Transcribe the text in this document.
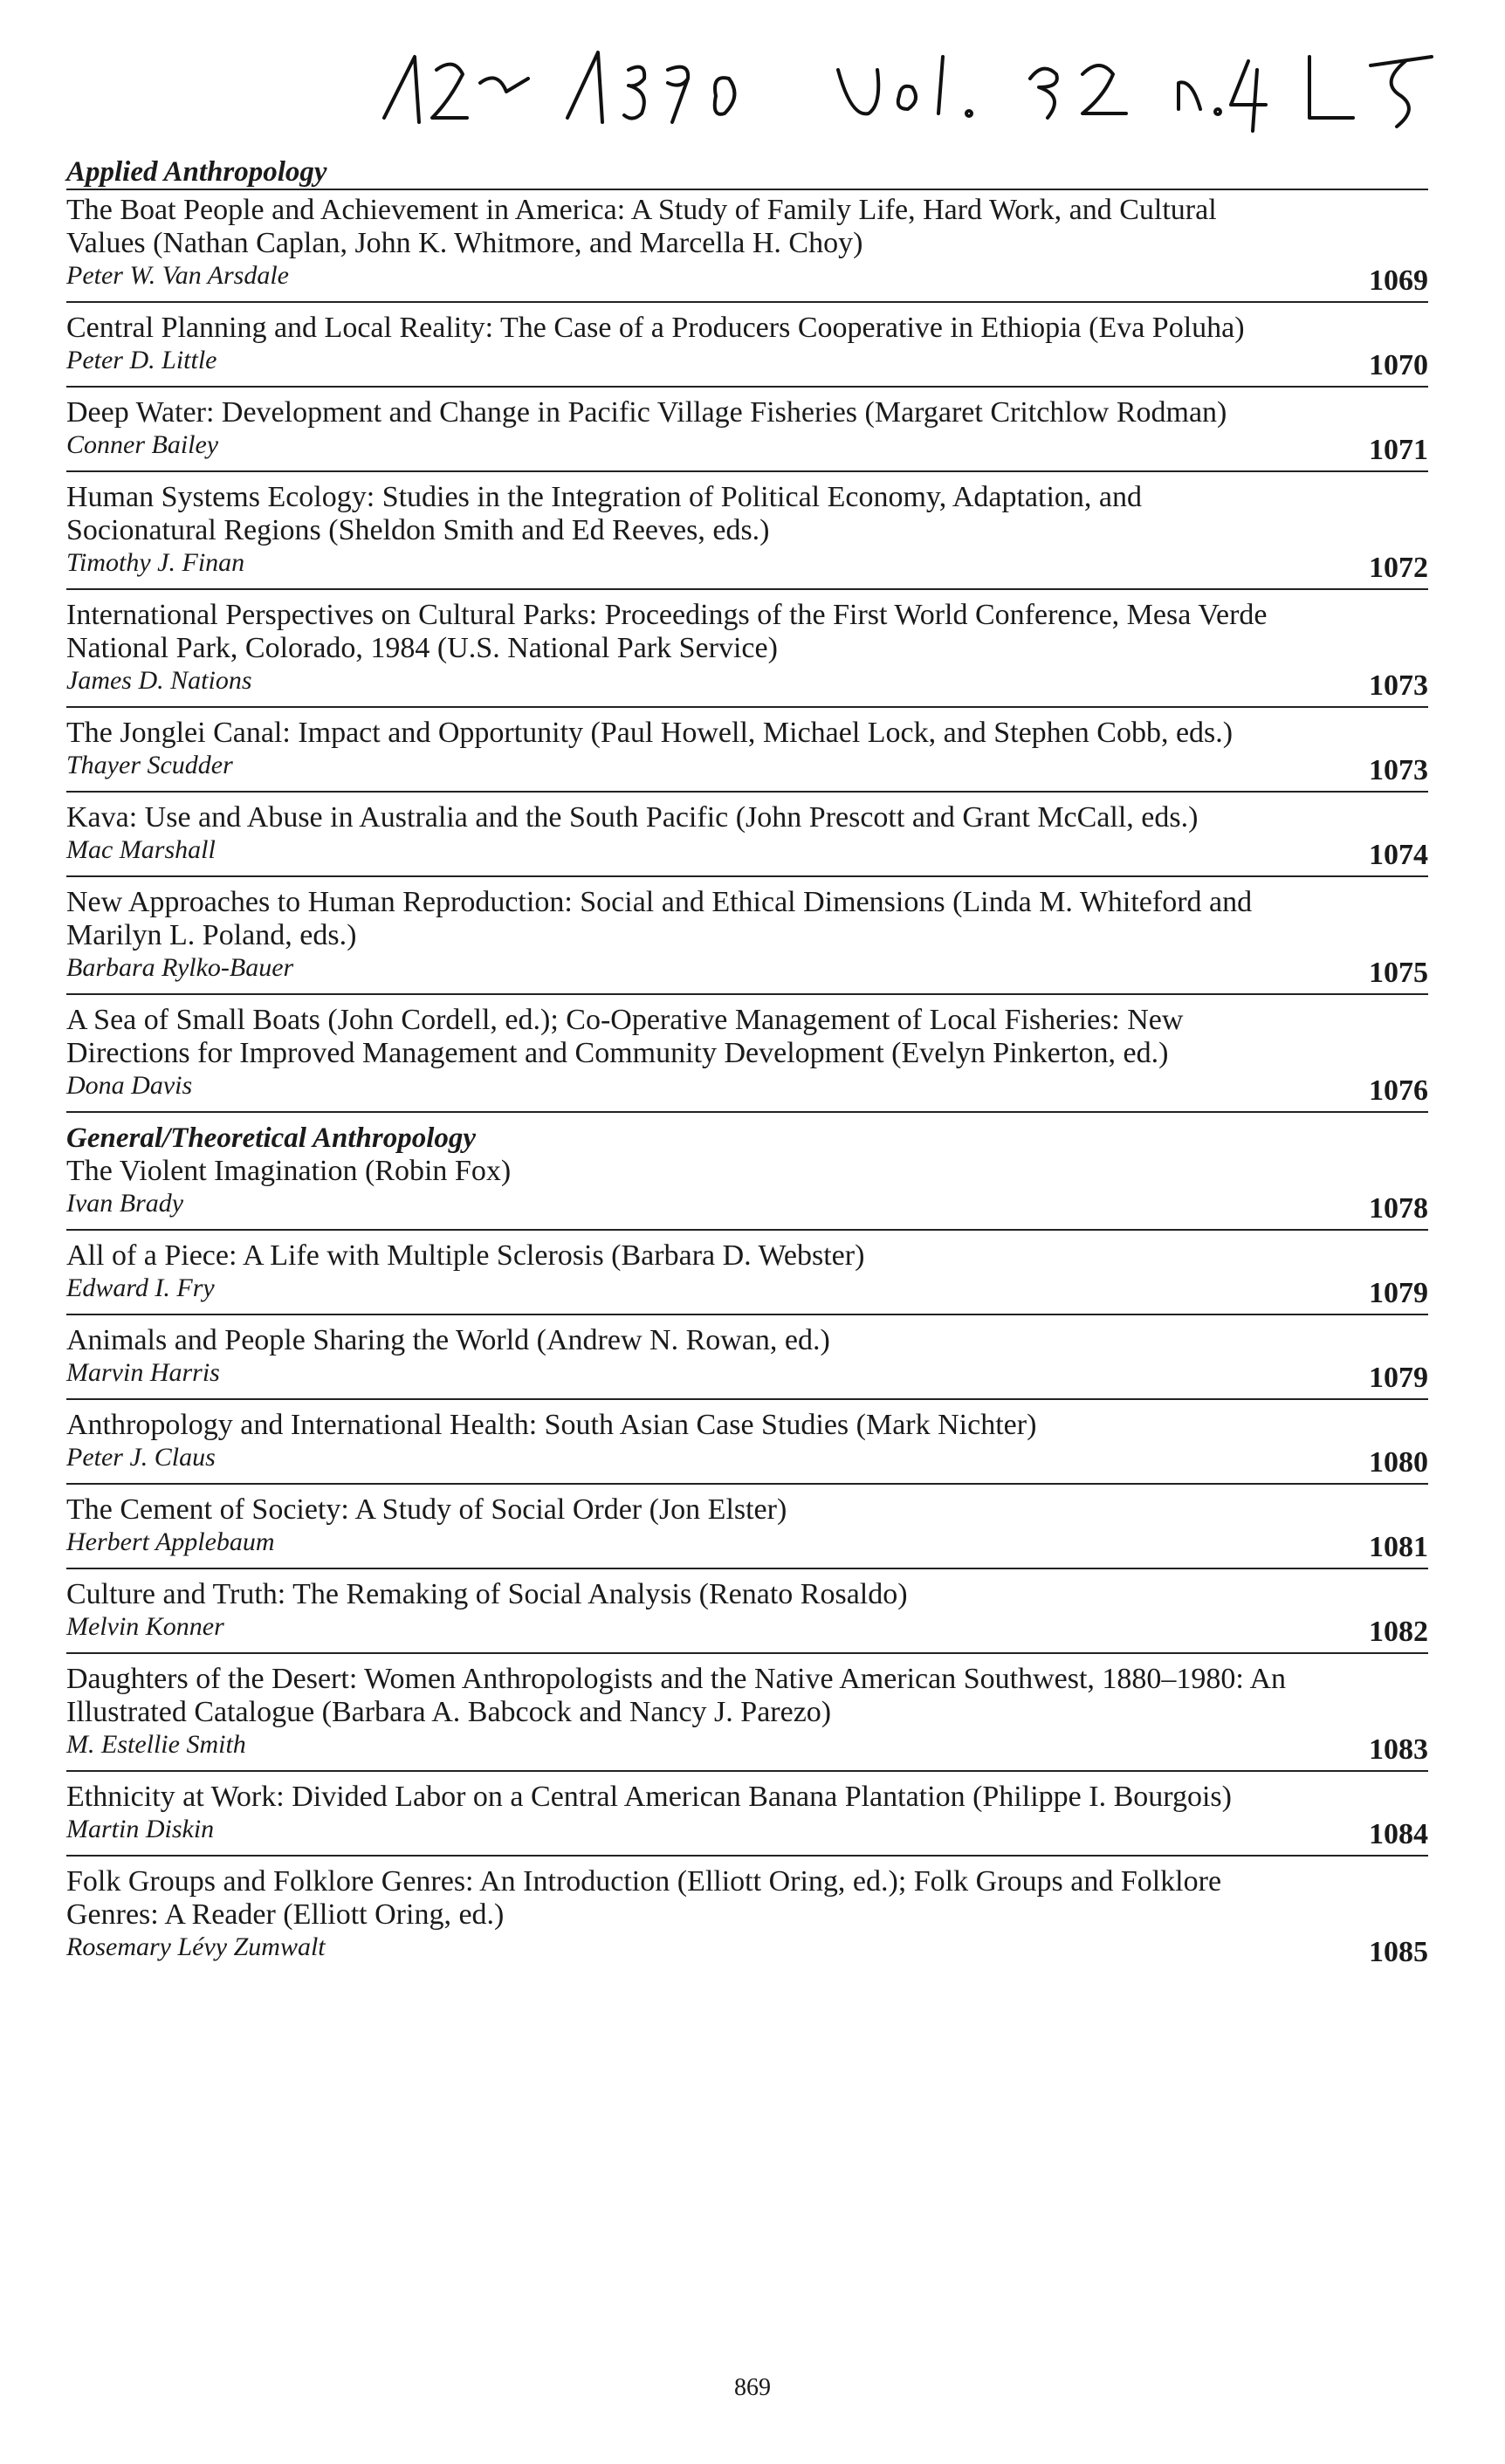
Applied Anthropology
The Boat People and Achievement in America: A Study of Family Life, Hard Work, and Cultural Values (Nathan Caplan, John K. Whitmore, and Marcella H. Choy)
Peter W. Van Arsdale	1069
Central Planning and Local Reality: The Case of a Producers Cooperative in Ethiopia (Eva Poluha)
Peter D. Little	1070
Deep Water: Development and Change in Pacific Village Fisheries (Margaret Critchlow Rodman)
Conner Bailey	1071
Human Systems Ecology: Studies in the Integration of Political Economy, Adaptation, and Socionatural Regions (Sheldon Smith and Ed Reeves, eds.)
Timothy J. Finan	1072
International Perspectives on Cultural Parks: Proceedings of the First World Conference, Mesa Verde National Park, Colorado, 1984 (U.S. National Park Service)
James D. Nations	1073
The Jonglei Canal: Impact and Opportunity (Paul Howell, Michael Lock, and Stephen Cobb, eds.)
Thayer Scudder	1073
Kava: Use and Abuse in Australia and the South Pacific (John Prescott and Grant McCall, eds.)
Mac Marshall	1074
New Approaches to Human Reproduction: Social and Ethical Dimensions (Linda M. Whiteford and Marilyn L. Poland, eds.)
Barbara Rylko-Bauer	1075
A Sea of Small Boats (John Cordell, ed.); Co-Operative Management of Local Fisheries: New Directions for Improved Management and Community Development (Evelyn Pinkerton, ed.)
Dona Davis	1076
General/Theoretical Anthropology
The Violent Imagination (Robin Fox)
Ivan Brady	1078
All of a Piece: A Life with Multiple Sclerosis (Barbara D. Webster)
Edward I. Fry	1079
Animals and People Sharing the World (Andrew N. Rowan, ed.)
Marvin Harris	1079
Anthropology and International Health: South Asian Case Studies (Mark Nichter)
Peter J. Claus	1080
The Cement of Society: A Study of Social Order (Jon Elster)
Herbert Applebaum	1081
Culture and Truth: The Remaking of Social Analysis (Renato Rosaldo)
Melvin Konner	1082
Daughters of the Desert: Women Anthropologists and the Native American Southwest, 1880–1980: An Illustrated Catalogue (Barbara A. Babcock and Nancy J. Parezo)
M. Estellie Smith	1083
Ethnicity at Work: Divided Labor on a Central American Banana Plantation (Philippe I. Bourgois)
Martin Diskin	1084
Folk Groups and Folklore Genres: An Introduction (Elliott Oring, ed.); Folk Groups and Folklore Genres: A Reader (Elliott Oring, ed.)
Rosemary Lévy Zumwalt	1085
869
